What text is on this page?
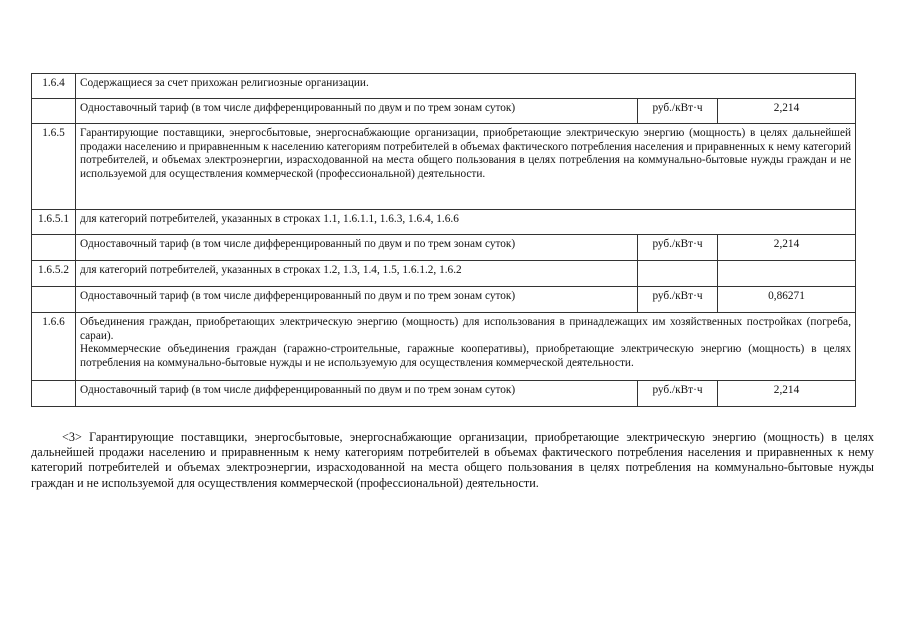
1.6.4	Содержащиеся за счет прихожан религиозные организации.		
	Одноставочный тариф (в том числе дифференцированный по двум и по трем зонам суток)	руб./кВт·ч	2,214
1.6.5	Гарантирующие поставщики, энергосбытовые, энергоснабжающие организации, приобретающие электрическую энергию (мощность) в целях дальнейшей продажи населению и приравненным к населению категориям потребителей в объемах фактического потребления населения и приравненных к нему категорий потребителей, и объемах электроэнергии, израсходованной на места общего пользования в целях потребления на коммунально-бытовые нужды граждан и не используемой для осуществления коммерческой (профессиональной) деятельности.		
1.6.5.1	для категорий потребителей, указанных в строках 1.1, 1.6.1.1, 1.6.3, 1.6.4, 1.6.6		
	Одноставочный тариф (в том числе дифференцированный по двум и по трем зонам суток)	руб./кВт·ч	2,214
1.6.5.2	для категорий потребителей, указанных в строках 1.2, 1.3, 1.4, 1.5, 1.6.1.2, 1.6.2		
	Одноставочный тариф (в том числе дифференцированный по двум и по трем зонам суток)	руб./кВт·ч	0,86271
1.6.6	Объединения граждан, приобретающих электрическую энергию (мощность) для использования в принадлежащих им хозяйственных постройках (погреба, сараи).
Некоммерческие объединения граждан (гаражно-строительные, гаражные кооперативы), приобретающие электрическую энергию (мощность) в целях потребления на коммунально-бытовые нужды и не используемую для осуществления коммерческой деятельности.		

	Одноставочный тариф (в том числе дифференцированный по двум и по трем зонам суток)	руб./кВт·ч	2,214

<3> Гарантирующие поставщики, энергосбытовые, энергоснабжающие организации, приобретающие электрическую энергию (мощность) в целях дальнейшей продажи населению и приравненным к нему категориям потребителей в объемах фактического потребления населения и приравненных к нему категорий потребителей и объемах электроэнергии, израсходованной на места общего пользования в целях потребления на коммунально-бытовые нужды граждан и не используемой для осуществления коммерческой (профессиональной) деятельности.
